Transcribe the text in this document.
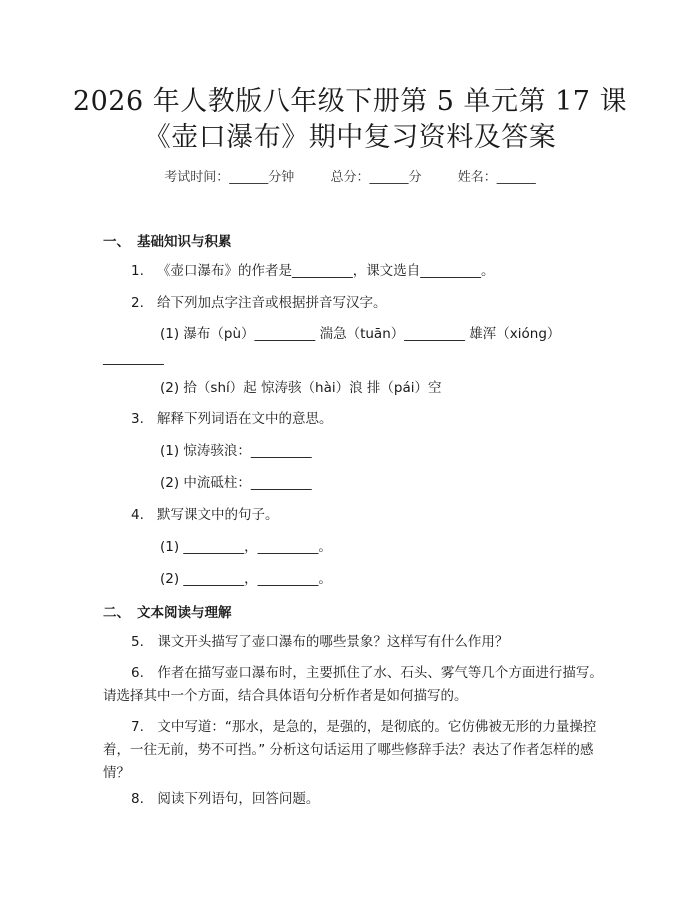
2026 年人教版八年级下册第 5 单元第 17 课
《壶口瀑布》期中复习资料及答案
考试时间：______分钟	总分：______分	姓名：______
一、 基础知识与积累
1. 《壶口瀑布》的作者是_________，课文选自_________。
2. 给下列加点字注音或根据拼音写汉字。
(1) 瀑布（pù）_________ 湍急（tuān）_________ 雄浑（xióng）
_________
(2) 拾（shí）起 惊涛骇（hài）浪 排（pái）空
3. 解释下列词语在文中的意思。
(1) 惊涛骇浪：_________
(2) 中流砥柱：_________
4. 默写课文中的句子。
(1) _________，_________。
(2) _________，_________。
二、 文本阅读与理解
5.　课文开头描写了壶口瀑布的哪些景象？这样写有什么作用？
6.　作者在描写壶口瀑布时，主要抓住了水、石头、雾气等几个方面进行描写。请选择其中一个方面，结合具体语句分析作者是如何描写的。
7.　文中写道：“那水，是急的，是强的，是彻底的。它仿佛被无形的力量操控着，一往无前，势不可挡。” 分析这句话运用了哪些修辞手法？表达了作者怎样的感情？
8.　阅读下列语句，回答问题。
